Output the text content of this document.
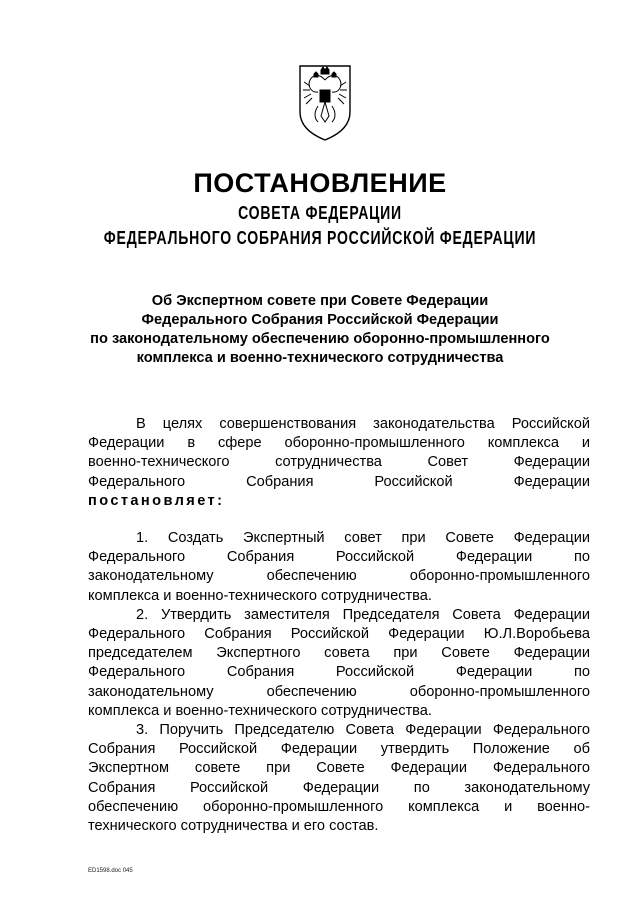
ПОСТАНОВЛЕНИЕ
СОВЕТА ФЕДЕРАЦИИ
ФЕДЕРАЛЬНОГО СОБРАНИЯ РОССИЙСКОЙ ФЕДЕРАЦИИ
Об Экспертном совете при Совете Федерации
Федерального Собрания Российской Федерации
по законодательному обеспечению оборонно-промышленного
комплекса и военно-технического сотрудничества
В целях совершенствования законодательства Российской
Федерации в сфере оборонно-промышленного комплекса и
военно-технического сотрудничества Совет Федерации
Федерального Собрания Российской Федерации
постановляет:
1. Создать Экспертный совет при Совете Федерации
Федерального Собрания Российской Федерации по
законодательному обеспечению оборонно-промышленного
комплекса и военно-технического сотрудничества.
2. Утвердить заместителя Председателя Совета Федерации
Федерального Собрания Российской Федерации Ю.Л.Воробьева
председателем Экспертного совета при Совете Федерации
Федерального Собрания Российской Федерации по
законодательному обеспечению оборонно-промышленного
комплекса и военно-технического сотрудничества.
3. Поручить Председателю Совета Федерации Федерального
Собрания Российской Федерации утвердить Положение об
Экспертном совете при Совете Федерации Федерального
Собрания Российской Федерации по законодательному
обеспечению оборонно-промышленного комплекса и военно-
технического сотрудничества и его состав.
ED1598.doc 045
